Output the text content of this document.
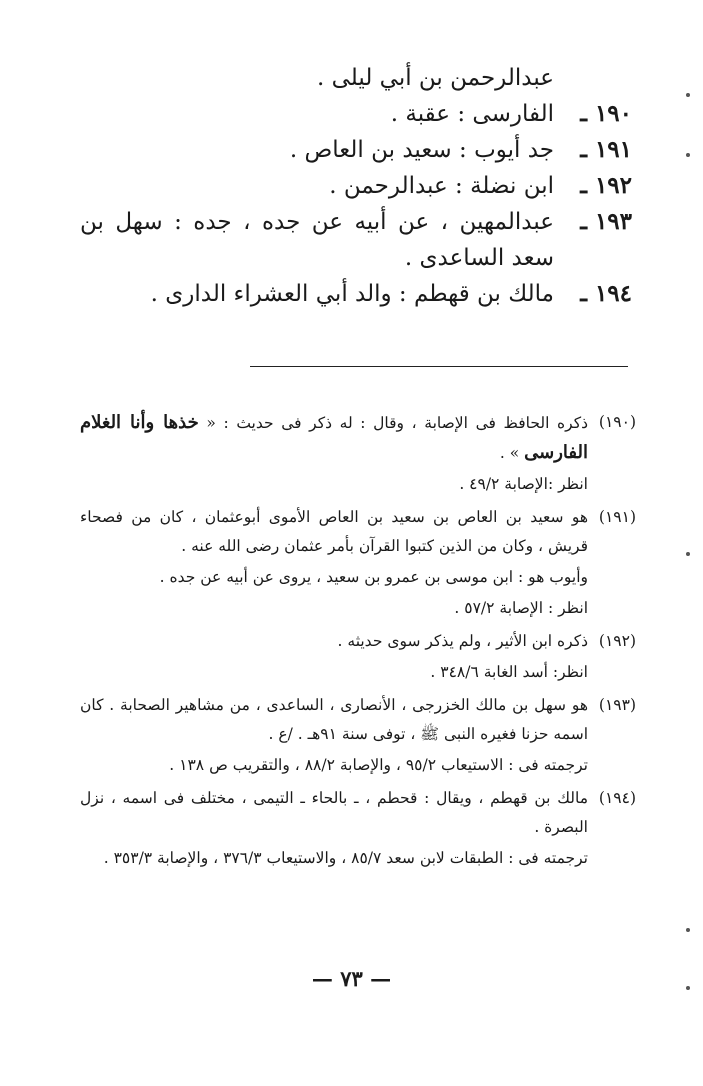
عبدالرحمن بن أبي ليلى .
١٩٠ ـ
الفارسى : عقبة .
١٩١ ـ
جد أيوب : سعيد بن العاص .
١٩٢ ـ
ابن نضلة : عبدالرحمن .
١٩٣ ـ
عبدالمهين ، عن أبيه عن جده ، جده : سهل بن سعد الساعدى .
١٩٤ ـ
مالك بن قهطم : والد أبي العشراء الدارى .
(١٩٠)
ذكره الحافظ فى الإصابة ، وقال : له ذكر فى حديث : « خذها وأنا الغلام الفارسى » .
انظر :الإصابة ٤٩/٢ .
(١٩١)
هو سعيد بن العاص بن سعيد بن العاص الأموى أبوعثمان ، كان من فصحاء قريش ، وكان من الذين كتبوا القرآن بأمر عثمان رضى الله عنه .
وأيوب هو : ابن موسى بن عمرو بن سعيد ، يروى عن أبيه عن جده .
انظر : الإصابة ٥٧/٢ .
(١٩٢)
ذكره ابن الأثير ، ولم يذكر سوى حديثه .
انظر: أسد الغابة ٣٤٨/٦ .
(١٩٣)
هو سهل بن مالك الخزرجى ، الأنصارى ، الساعدى ، من مشاهير الصحابة . كان اسمه حزنا فغيره النبى ﷺ ، توفى سنة ٩١هـ . /ع .
ترجمته فى : الاستيعاب ٩٥/٢ ، والإصابة ٨٨/٢ ، والتقريب ص ١٣٨ .
(١٩٤)
مالك بن قهطم ، ويقال : قحطم ، ـ بالحاء ـ التيمى ، مختلف فى اسمه ، نزل البصرة .
ترجمته فى : الطبقات لابن سعد ٨٥/٧ ، والاستيعاب ٣٧٦/٣ ، والإصابة ٣٥٣/٣ .
— ٧٣ —
